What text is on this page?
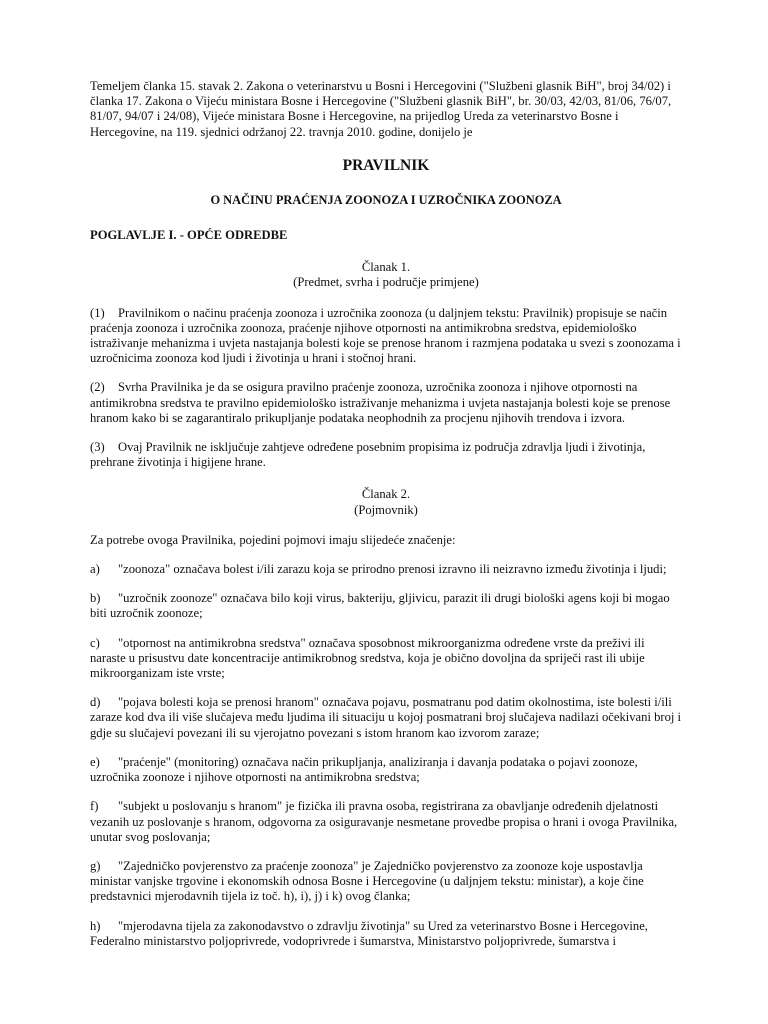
Temeljem članka 15. stavak 2. Zakona o veterinarstvu u Bosni i Hercegovini ("Službeni glasnik BiH", broj 34/02) i članka 17. Zakona o Vijeću ministara Bosne i Hercegovine ("Službeni glasnik BiH", br. 30/03, 42/03, 81/06, 76/07, 81/07, 94/07 i 24/08), Vijeće ministara Bosne i Hercegovine, na prijedlog Ureda za veterinarstvo Bosne i Hercegovine, na 119. sjednici održanoj 22. travnja 2010. godine, donijelo je

PRAVILNIK
O NAČINU PRAĆENJA ZOONOZA I UZROČNIKA ZOONOZA
POGLAVLJE I. - OPĆE ODREDBE
Članak 1.
(Predmet, svrha i područje primjene)

(1) Pravilnikom o načinu praćenja zoonoza i uzročnika zoonoza (u daljnjem tekstu: Pravilnik) propisuje se način praćenja zoonoza i uzročnika zoonoza, praćenje njihove otpornosti na antimikrobna sredstva, epidemiološko istraživanje mehanizma i uvjeta nastajanja bolesti koje se prenose hranom i razmjena podataka u svezi s zoonozama i uzročnicima zoonoza kod ljudi i životinja u hrani i stočnoj hrani.

(2) Svrha Pravilnika je da se osigura pravilno praćenje zoonoza, uzročnika zoonoza i njihove otpornosti na antimikrobna sredstva te pravilno epidemiološko istraživanje mehanizma i uvjeta nastajanja bolesti koje se prenose hranom kako bi se zagarantiralo prikupljanje podataka neophodnih za procjenu njihovih trendova i izvora.

(3) Ovaj Pravilnik ne isključuje zahtjeve određene posebnim propisima iz područja zdravlja ljudi i životinja, prehrane životinja i higijene hrane.

Članak 2.
(Pojmovnik)

Za potrebe ovoga Pravilnika, pojedini pojmovi imaju slijedeće značenje:

a) "zoonoza" označava bolest i/ili zarazu koja se prirodno prenosi izravno ili neizravno između životinja i ljudi;

b) "uzročnik zoonoze" označava bilo koji virus, bakteriju, gljivicu, parazit ili drugi biološki agens koji bi mogao biti uzročnik zoonoze;

c) "otpornost na antimikrobna sredstva" označava sposobnost mikroorganizma određene vrste da preživi ili naraste u prisustvu date koncentracije antimikrobnog sredstva, koja je obično dovoljna da spriječi rast ili ubije mikroorganizam iste vrste;

d) "pojava bolesti koja se prenosi hranom" označava pojavu, posmatranu pod datim okolnostima, iste bolesti i/ili zaraze kod dva ili više slučajeva među ljudima ili situaciju u kojoj posmatrani broj slučajeva nadilazi očekivani broj i gdje su slučajevi povezani ili su vjerojatno povezani s istom hranom kao izvorom zaraze;

e) "praćenje" (monitoring) označava način prikupljanja, analiziranja i davanja podataka o pojavi zoonoze, uzročnika zoonoze i njihove otpornosti na antimikrobna sredstva;

f) "subjekt u poslovanju s hranom" je fizička ili pravna osoba, registrirana za obavljanje određenih djelatnosti vezanih uz poslovanje s hranom, odgovorna za osiguravanje nesmetane provedbe propisa o hrani i ovoga Pravilnika, unutar svog poslovanja;

g) "Zajedničko povjerenstvo za praćenje zoonoza" je Zajedničko povjerenstvo za zoonoze koje uspostavlja ministar vanjske trgovine i ekonomskih odnosa Bosne i Hercegovine (u daljnjem tekstu: ministar), a koje čine predstavnici mjerodavnih tijela iz toč. h), i), j) i k) ovog članka;

h) "mjerodavna tijela za zakonodavstvo o zdravlju životinja" su Ured za veterinarstvo Bosne i Hercegovine, Federalno ministarstvo poljoprivrede, vodoprivrede i šumarstva, Ministarstvo poljoprivrede, šumarstva i
